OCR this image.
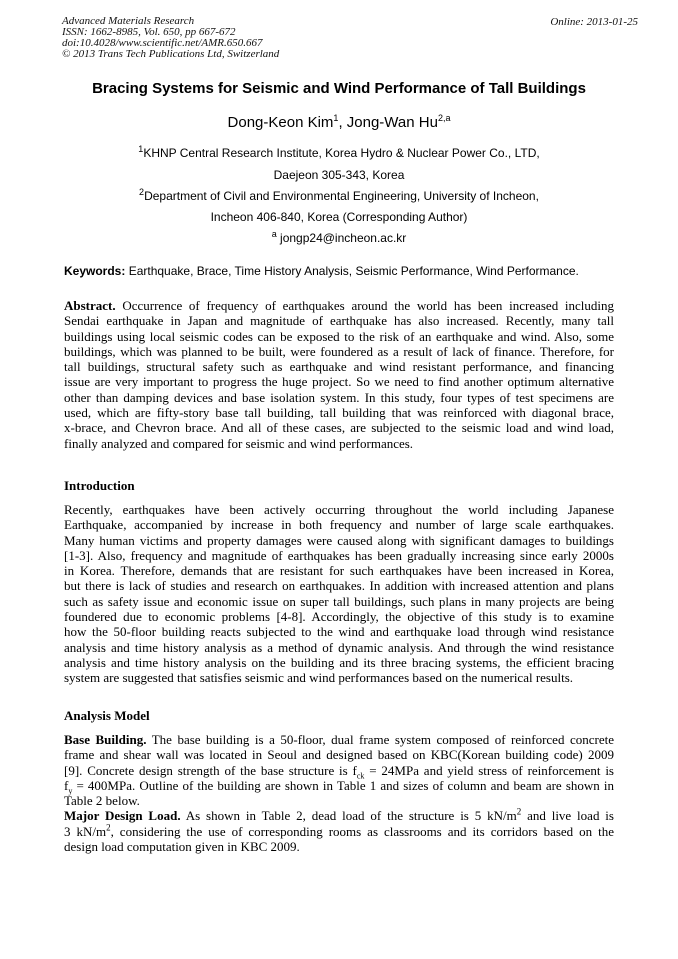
Advanced Materials Research
ISSN: 1662-8985, Vol. 650, pp 667-672
doi:10.4028/www.scientific.net/AMR.650.667
© 2013 Trans Tech Publications Ltd, Switzerland
Online: 2013-01-25
Bracing Systems for Seismic and Wind Performance of Tall Buildings
Dong-Keon Kim$^1$, Jong-Wan Hu$^{2,a}$
$^1$KHNP Central Research Institute, Korea Hydro & Nuclear Power Co., LTD,
Daejeon 305-343, Korea
$^2$Department of Civil and Environmental Engineering, University of Incheon,
Incheon 406-840, Korea (Corresponding Author)
$^a$ jongp24@incheon.ac.kr
Keywords: Earthquake, Brace, Time History Analysis, Seismic Performance, Wind Performance.
Abstract. Occurrence of frequency of earthquakes around the world has been increased including
Sendai earthquake in Japan and magnitude of earthquake has also increased. Recently, many tall
buildings using local seismic codes can be exposed to the risk of an earthquake and wind. Also, some
buildings, which was planned to be built, were foundered as a result of lack of finance. Therefore, for
tall buildings, structural safety such as earthquake and wind resistant performance, and financing
issue are very important to progress the huge project. So we need to find another optimum alternative
other than damping devices and base isolation system. In this study, four types of test specimens are
used, which are fifty-story base tall building, tall building that was reinforced with diagonal brace,
x-brace, and Chevron brace. And all of these cases, are subjected to the seismic load and wind load,
finally analyzed and compared for seismic and wind performances.
Introduction
Recently, earthquakes have been actively occurring throughout the world including Japanese
Earthquake, accompanied by increase in both frequency and number of large scale earthquakes.
Many human victims and property damages were caused along with significant damages to buildings
[1-3]. Also, frequency and magnitude of earthquakes has been gradually increasing since early 2000s
in Korea. Therefore, demands that are resistant for such earthquakes have been increased in Korea,
but there is lack of studies and research on earthquakes. In addition with increased attention and plans
such as safety issue and economic issue on super tall buildings, such plans in many projects are being
foundered due to economic problems [4-8]. Accordingly, the objective of this study is to examine
how the 50-floor building reacts subjected to the wind and earthquake load through wind resistance
analysis and time history analysis as a method of dynamic analysis. And through the wind resistance
analysis and time history analysis on the building and its three bracing systems, the efficient bracing
system are suggested that satisfies seismic and wind performances based on the numerical results.
Analysis Model
Base Building. The base building is a 50-floor, dual frame system composed of reinforced concrete
frame and shear wall was located in Seoul and designed based on KBC(Korean building code) 2009
[9]. Concrete design strength of the base structure is $f_{ck} = 24MPa$ and yield stress of reinforcement is
$f_y = 400MPa$. Outline of the building are shown in Table 1 and sizes of column and beam are shown in
Table 2 below.
Major Design Load. As shown in Table 2, dead load of the structure is 5 $kN/m^2$ and live load is
3 $kN/m^2$, considering the use of corresponding rooms as classrooms and its corridors based on the
design load computation given in KBC 2009.
